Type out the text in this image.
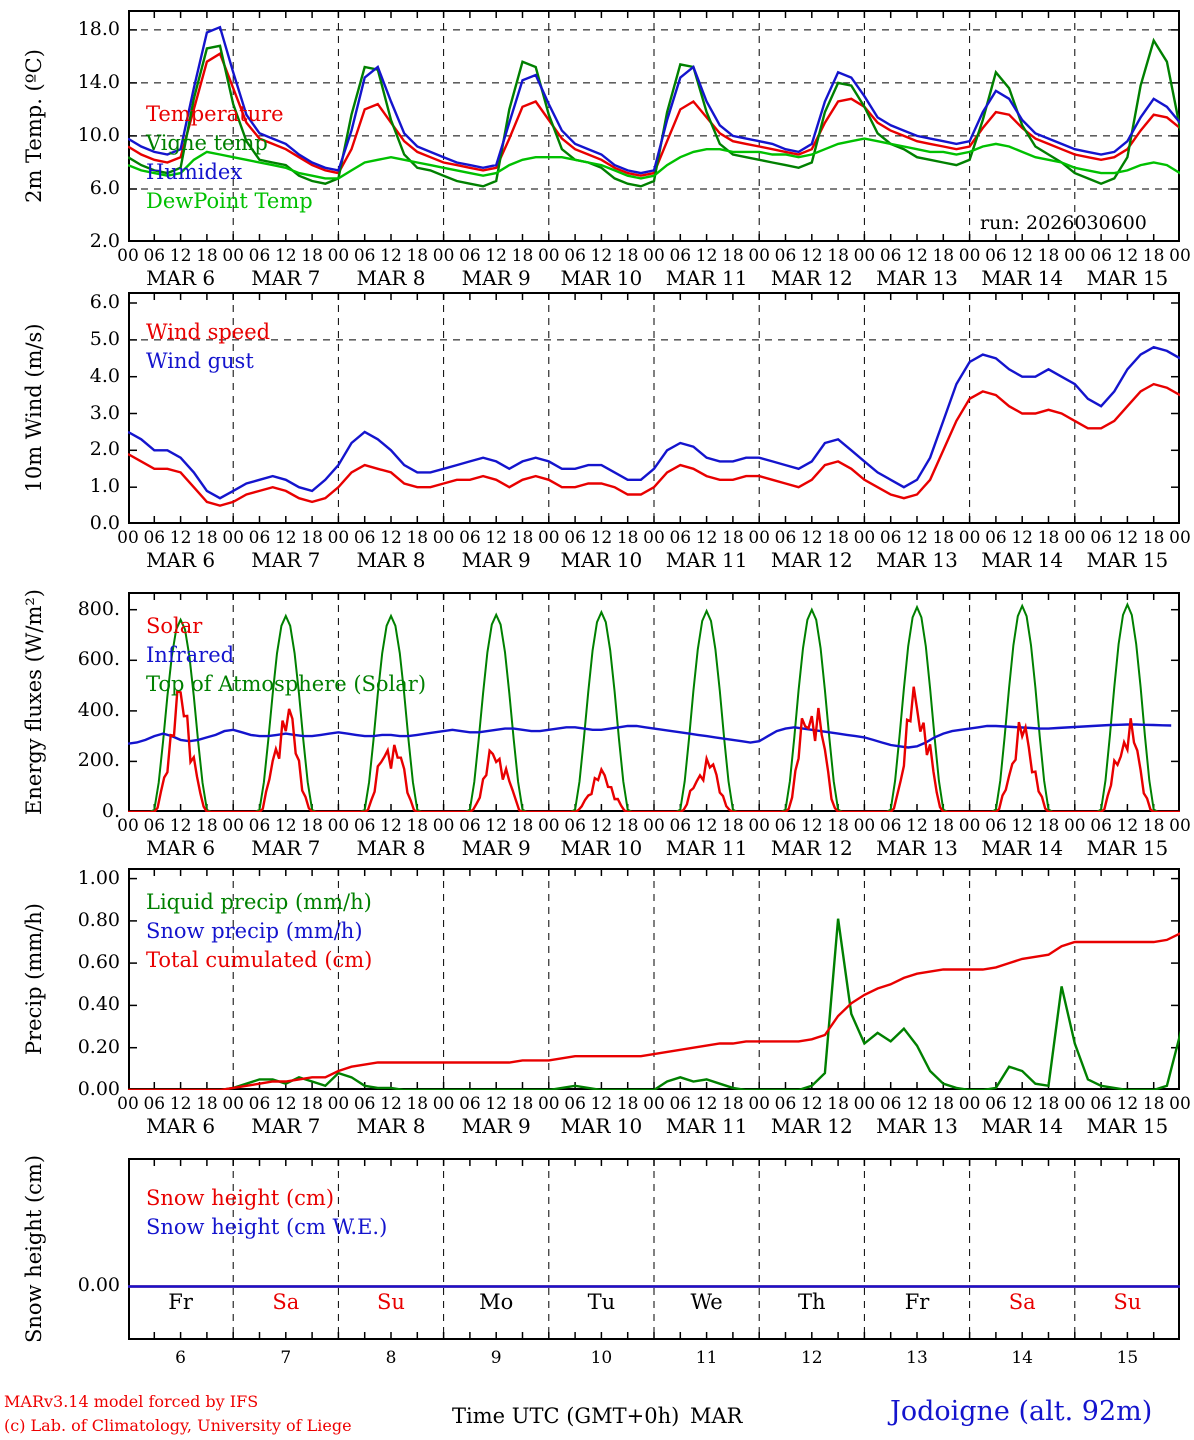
Temperature
Vigne temp
Humidex
DewPoint Temp
2.0
6.0
10.0
14.0
18.0
2m Temp. (ºC)
00 06 12 18 00 06 12 18 00 06 12 18 00 06 12 18 00 06 12 18 00 06 12 18 00 06 12 18 00 06 12 18 00 06 12 18 00 06 12 18 00
MAR 6	MAR 7	MAR 8	MAR 9	MAR 10	MAR 11	MAR 12	MAR 13	MAR 14	MAR 15
Wind speed
Wind gust
0.0
1.0
2.0
3.0
4.0
5.0
6.0
10m Wind (m/s)
00 06 12 18 00 06 12 18 00 06 12 18 00 06 12 18 00 06 12 18 00 06 12 18 00 06 12 18 00 06 12 18 00 06 12 18 00 06 12 18 00
MAR 6	MAR 7	MAR 8	MAR 9	MAR 10	MAR 11	MAR 12	MAR 13	MAR 14	MAR 15
Solar
Infrared
Top of Atmosphere (Solar)
0.
200.
400.
600.
800.
Energy fluxes (W/m²)
00 06 12 18 00 06 12 18 00 06 12 18 00 06 12 18 00 06 12 18 00 06 12 18 00 06 12 18 00 06 12 18 00 06 12 18 00 06 12 18 00
MAR 6	MAR 7	MAR 8	MAR 9	MAR 10	MAR 11	MAR 12	MAR 13	MAR 14	MAR 15
Liquid precip (mm/h)
Snow precip (mm/h)
Total cumulated (cm)
0.00
0.20
0.40
0.60
0.80
1.00
Precip (mm/h)
00 06 12 18 00 06 12 18 00 06 12 18 00 06 12 18 00 06 12 18 00 06 12 18 00 06 12 18 00 06 12 18 00 06 12 18 00 06 12 18 00
MAR 6	MAR 7	MAR 8	MAR 9	MAR 10	MAR 11	MAR 12	MAR 13	MAR 14	MAR 15
Snow height (cm)
Snow height (cm W.E.)
0.00
Snow height (cm)
run: 2026030600
Fr	Sa	Su	Mo	Tu	We	Th	Fr	Sa	Su
6	7	8	9	10	11	12	13	14	15
MARv3.14 model forced by IFS
(c) Lab. of Climatology, University of Liege	Time UTC (GMT+0h) MAR	Jodoigne (alt. 92m)
